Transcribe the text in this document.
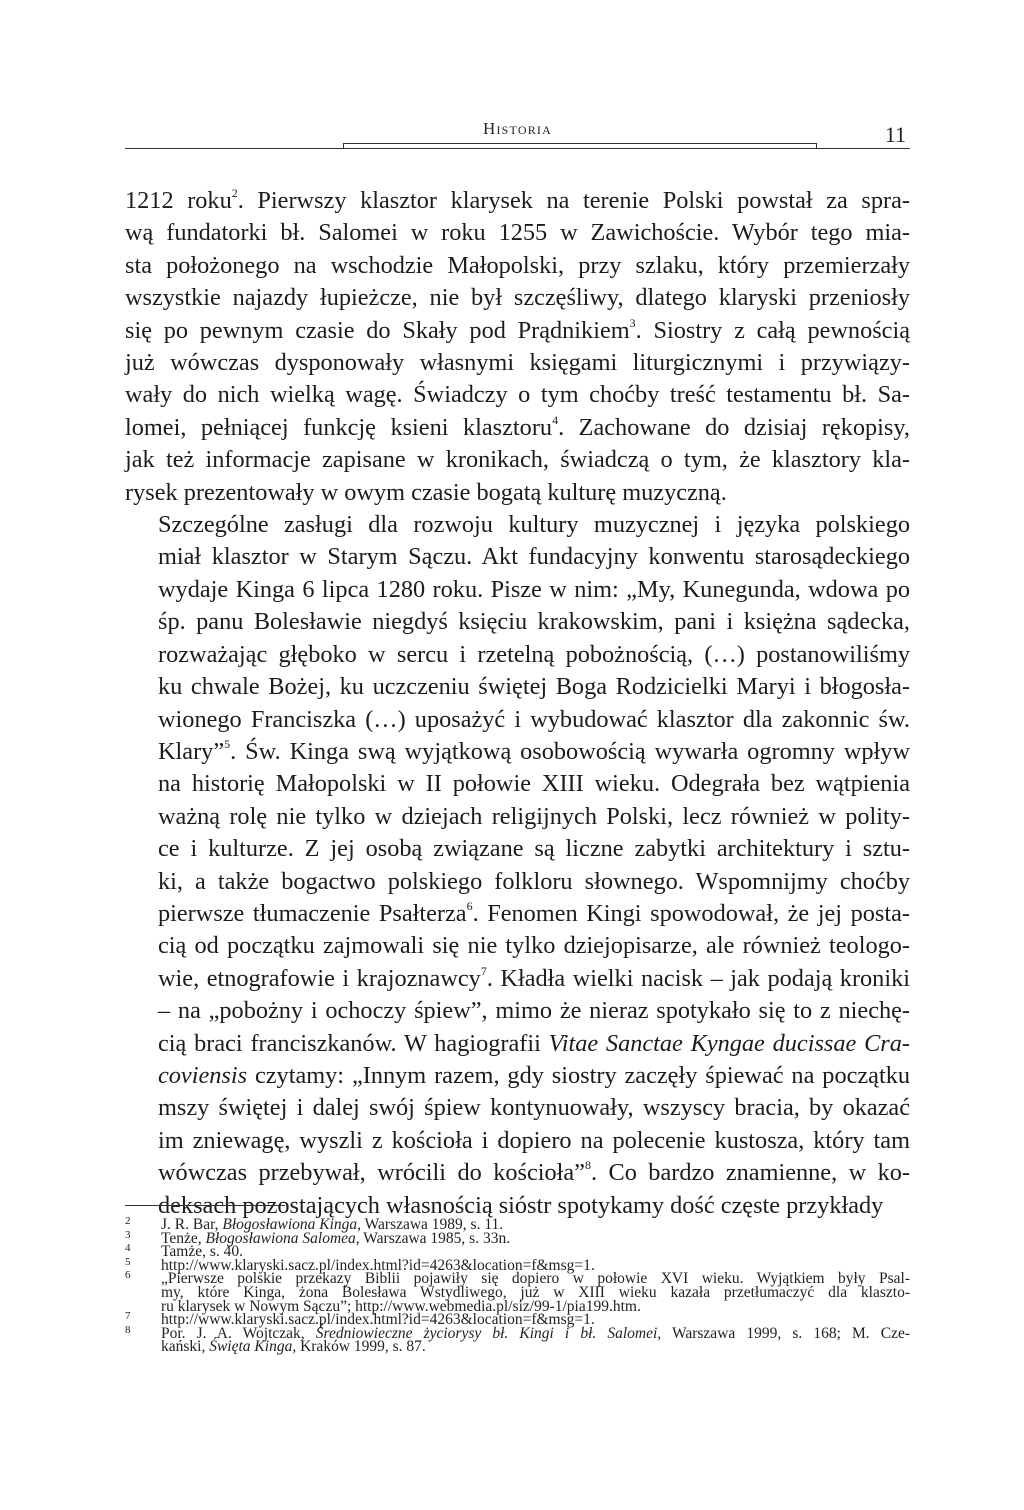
Historia	11
1212 roku$^2$. Pierwszy klasztor klarysek na terenie Polski powstał za spra-
wą fundatorki bł. Salomei w roku 1255 w Zawichoście. Wybór tego mia-
sta położonego na wschodzie Małopolski, przy szlaku, który przemierzały
wszystkie najazdy łupieżcze, nie był szczęśliwy, dlatego klaryski przeniosły
się po pewnym czasie do Skały pod Prądnikiem$^3$. Siostry z całą pewnością
już wówczas dysponowały własnymi księgami liturgicznymi i przywiązy-
wały do nich wielką wagę. Świadczy o tym choćby treść testamentu bł. Sa-
lomei, pełniącej funkcję ksieni klasztoru$^4$. Zachowane do dzisiaj rękopisy,
jak też informacje zapisane w kronikach, świadczą o tym, że klasztory kla-
rysek prezentowały w owym czasie bogatą kulturę muzyczną.
Szczególne zasługi dla rozwoju kultury muzycznej i języka polskiego
miał klasztor w Starym Sączu. Akt fundacyjny konwentu starosądeckiego
wydaje Kinga 6 lipca 1280 roku. Pisze w nim: „My, Kunegunda, wdowa po
śp. panu Bolesławie niegdyś księciu krakowskim, pani i księżna sądecka,
rozważając głęboko w sercu i rzetelną pobożnością, (…) postanowiliśmy
ku chwale Bożej, ku uczczeniu świętej Boga Rodzicielki Maryi i błogosła-
wionego Franciszka (…) uposażyć i wybudować klasztor dla zakonnic św.
Klary”$^5$. Św. Kinga swą wyjątkową osobowością wywarła ogromny wpływ
na historię Małopolski w II połowie XIII wieku. Odegrała bez wątpienia
ważną rolę nie tylko w dziejach religijnych Polski, lecz również w polity-
ce i kulturze. Z jej osobą związane są liczne zabytki architektury i sztu-
ki, a także bogactwo polskiego folkloru słownego. Wspomnijmy choćby
pierwsze tłumaczenie Psałterza$^6$. Fenomen Kingi spowodował, że jej posta-
cią od początku zajmowali się nie tylko dziejopisarze, ale również teologo-
wie, etnografowie i krajoznawcy$^7$. Kładła wielki nacisk – jak podają kroniki
– na „pobożny i ochoczy śpiew”, mimo że nieraz spotykało się to z niechę-
cią braci franciszkanów. W hagiografii Vitae Sanctae Kyngae ducissae Cra-
coviensis czytamy: „Innym razem, gdy siostry zaczęły śpiewać na początku
mszy świętej i dalej swój śpiew kontynuowały, wszyscy bracia, by okazać
im zniewagę, wyszli z kościoła i dopiero na polecenie kustosza, który tam
wówczas przebywał, wrócili do kościoła”$^8$. Co bardzo znamienne, w ko-
deksach pozostających własnością sióstr spotykamy dość częste przykłady
2 J. R. Bar, Błogosławiona Kinga, Warszawa 1989, s. 11.
3 Tenże, Błogosławiona Salomea, Warszawa 1985, s. 33n.
4 Tamże, s. 40.
5 http://www.klaryski.sacz.pl/index.html?id=4263&location=f&msg=1.
6 „Pierwsze polskie przekazy Biblii pojawiły się dopiero w połowie XVI wieku. Wyjątkiem były Psal-
my, które Kinga, żona Bolesława Wstydliwego, już w XIII wieku kazała przetłumaczyć dla klaszto-
ru klarysek w Nowym Sączu”; http://www.webmedia.pl/siz/99-1/pia199.htm.
7 http://www.klaryski.sacz.pl/index.html?id=4263&location=f&msg=1.
8 Por. J. A. Wojtczak, Średniowieczne życiorysy bł. Kingi i bł. Salomei, Warszawa 1999, s. 168; M. Cze-
kański, Święta Kinga, Kraków 1999, s. 87.
